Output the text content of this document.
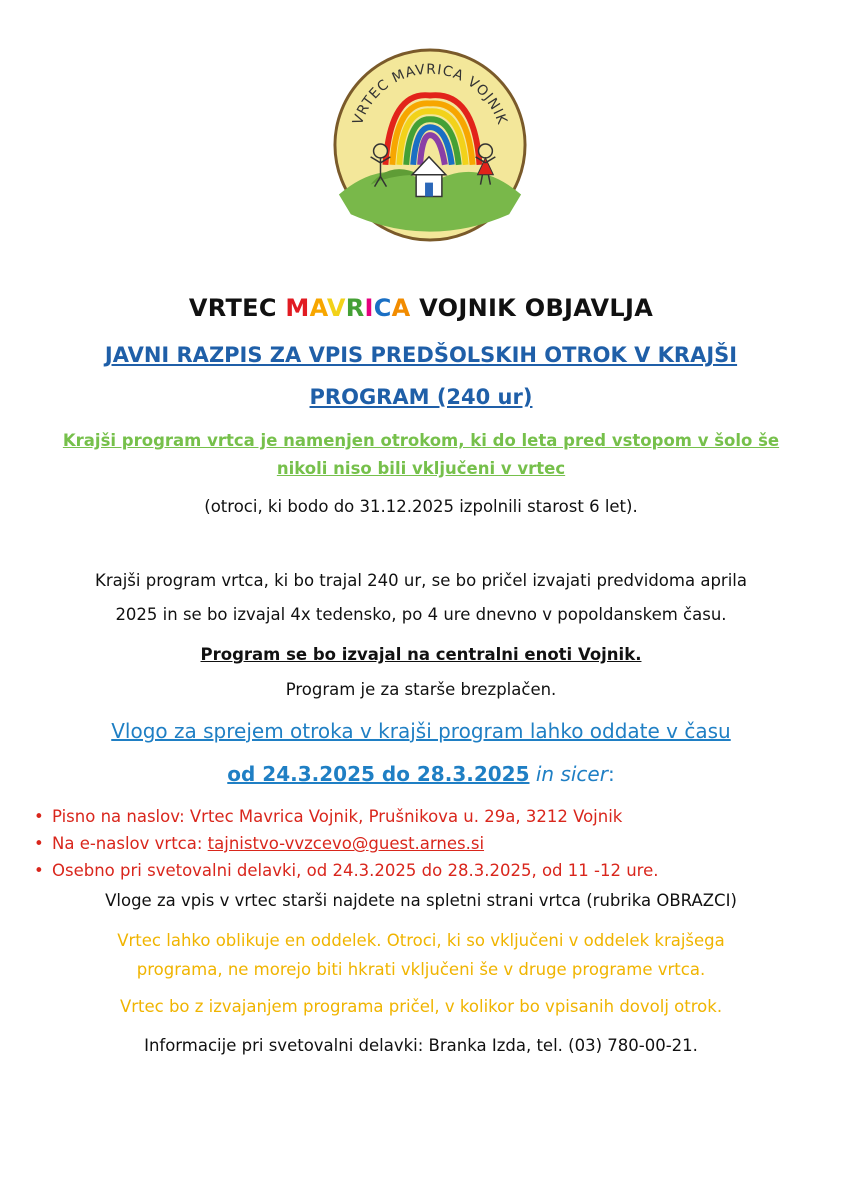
VRTEC MAVRICA VOJNIK
VRTEC MAVRICA VOJNIK OBJAVLJA
JAVNI RAZPIS ZA VPIS PREDŠOLSKIH OTROK V KRAJŠI
PROGRAM (240 ur)
Krajši program vrtca je namenjen otrokom, ki do leta pred vstopom v šolo še
nikoli niso bili vključeni v vrtec
(otroci, ki bodo do 31.12.2025 izpolnili starost 6 let).
Krajši program vrtca, ki bo trajal 240 ur, se bo pričel izvajati predvidoma aprila
2025 in se bo izvajal 4x tedensko, po 4 ure dnevno v popoldanskem času.
Program se bo izvajal na centralni enoti Vojnik.
Program je za starše brezplačen.
Vlogo za sprejem otroka v krajši program lahko oddate v času
od 24.3.2025 do 28.3.2025 in sicer:
• Pisno na naslov: Vrtec Mavrica Vojnik, Prušnikova u. 29a, 3212 Vojnik
• Na e-naslov vrtca: tajnistvo-vvzcevo@guest.arnes.si
• Osebno pri svetovalni delavki, od 24.3.2025 do 28.3.2025, od 11 -12 ure.
Vloge za vpis v vrtec starši najdete na spletni strani vrtca (rubrika OBRAZCI)
Vrtec lahko oblikuje en oddelek. Otroci, ki so vključeni v oddelek krajšega
programa, ne morejo biti hkrati vključeni še v druge programe vrtca.
Vrtec bo z izvajanjem programa pričel, v kolikor bo vpisanih dovolj otrok.
Informacije pri svetovalni delavki: Branka Izda, tel. (03) 780-00-21.
